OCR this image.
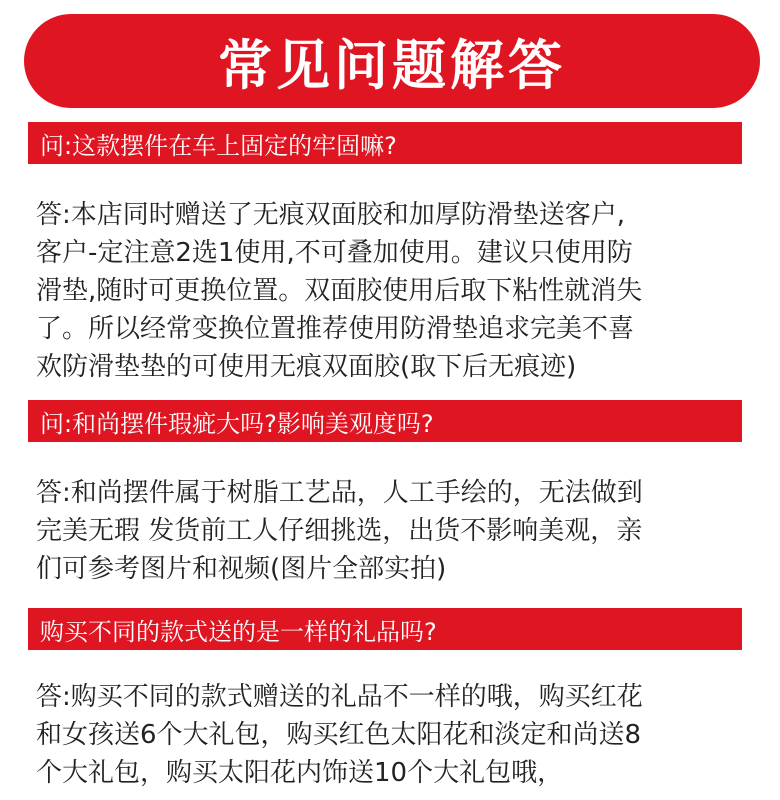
常见问题解答
问:这款摆件在车上固定的牢固嘛?
答:本店同时赠送了无痕双面胶和加厚防滑垫送客户,
客户-定注意2选1使用,不可叠加使用。建议只使用防
滑垫,随时可更换位置。双面胶使用后取下粘性就消失
了。所以经常变换位置推荐使用防滑垫追求完美不喜
欢防滑垫垫的可使用无痕双面胶(取下后无痕迹)
问:和尚摆件瑕疵大吗?影响美观度吗?
答:和尚摆件属于树脂工艺品，人工手绘的，无法做到
完美无瑕 发货前工人仔细挑选，出货不影响美观，亲
们可参考图片和视频(图片全部实拍)
购买不同的款式送的是一样的礼品吗?
答:购买不同的款式赠送的礼品不一样的哦，购买红花
和女孩送6个大礼包，购买红色太阳花和淡定和尚送8
个大礼包，购买太阳花内饰送10个大礼包哦，
